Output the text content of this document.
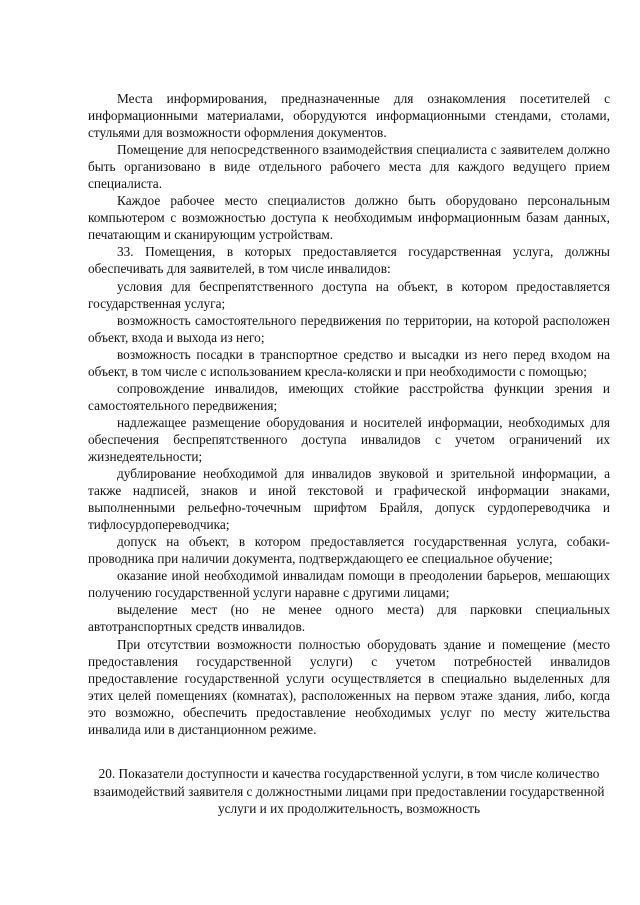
Места информирования, предназначенные для ознакомления посетителей с информационными материалами, оборудуются информационными стендами, столами, стульями для возможности оформления документов.

Помещение для непосредственного взаимодействия специалиста с заявителем должно быть организовано в виде отдельного рабочего места для каждого ведущего прием специалиста.

Каждое рабочее место специалистов должно быть оборудовано персональным компьютером с возможностью доступа к необходимым информационным базам данных, печатающим и сканирующим устройствам.

33. Помещения, в которых предоставляется государственная услуга, должны обеспечивать для заявителей, в том числе инвалидов:

условия для беспрепятственного доступа на объект, в котором предоставляется государственная услуга;

возможность самостоятельного передвижения по территории, на которой расположен объект, входа и выхода из него;

возможность посадки в транспортное средство и высадки из него перед входом на объект, в том числе с использованием кресла-коляски и при необходимости с помощью;

сопровождение инвалидов, имеющих стойкие расстройства функции зрения и самостоятельного передвижения;

надлежащее размещение оборудования и носителей информации, необходимых для обеспечения беспрепятственного доступа инвалидов с учетом ограничений их жизнедеятельности;

дублирование необходимой для инвалидов звуковой и зрительной информации, а также надписей, знаков и иной текстовой и графической информации знаками, выполненными рельефно-точечным шрифтом Брайля, допуск сурдопереводчика и тифлосурдопереводчика;

допуск на объект, в котором предоставляется государственная услуга, собаки-проводника при наличии документа, подтверждающего ее специальное обучение;

оказание иной необходимой инвалидам помощи в преодолении барьеров, мешающих получению государственной услуги наравне с другими лицами;

выделение мест (но не менее одного места) для парковки специальных автотранспортных средств инвалидов.

При отсутствии возможности полностью оборудовать здание и помещение (место предоставления государственной услуги) с учетом потребностей инвалидов предоставление государственной услуги осуществляется в специально выделенных для этих целей помещениях (комнатах), расположенных на первом этаже здания, либо, когда это возможно, обеспечить предоставление необходимых услуг по месту жительства инвалида или в дистанционном режиме.

20. Показатели доступности и качества государственной услуги, в том числе количество взаимодействий заявителя с должностными лицами при предоставлении государственной услуги и их продолжительность, возможность
